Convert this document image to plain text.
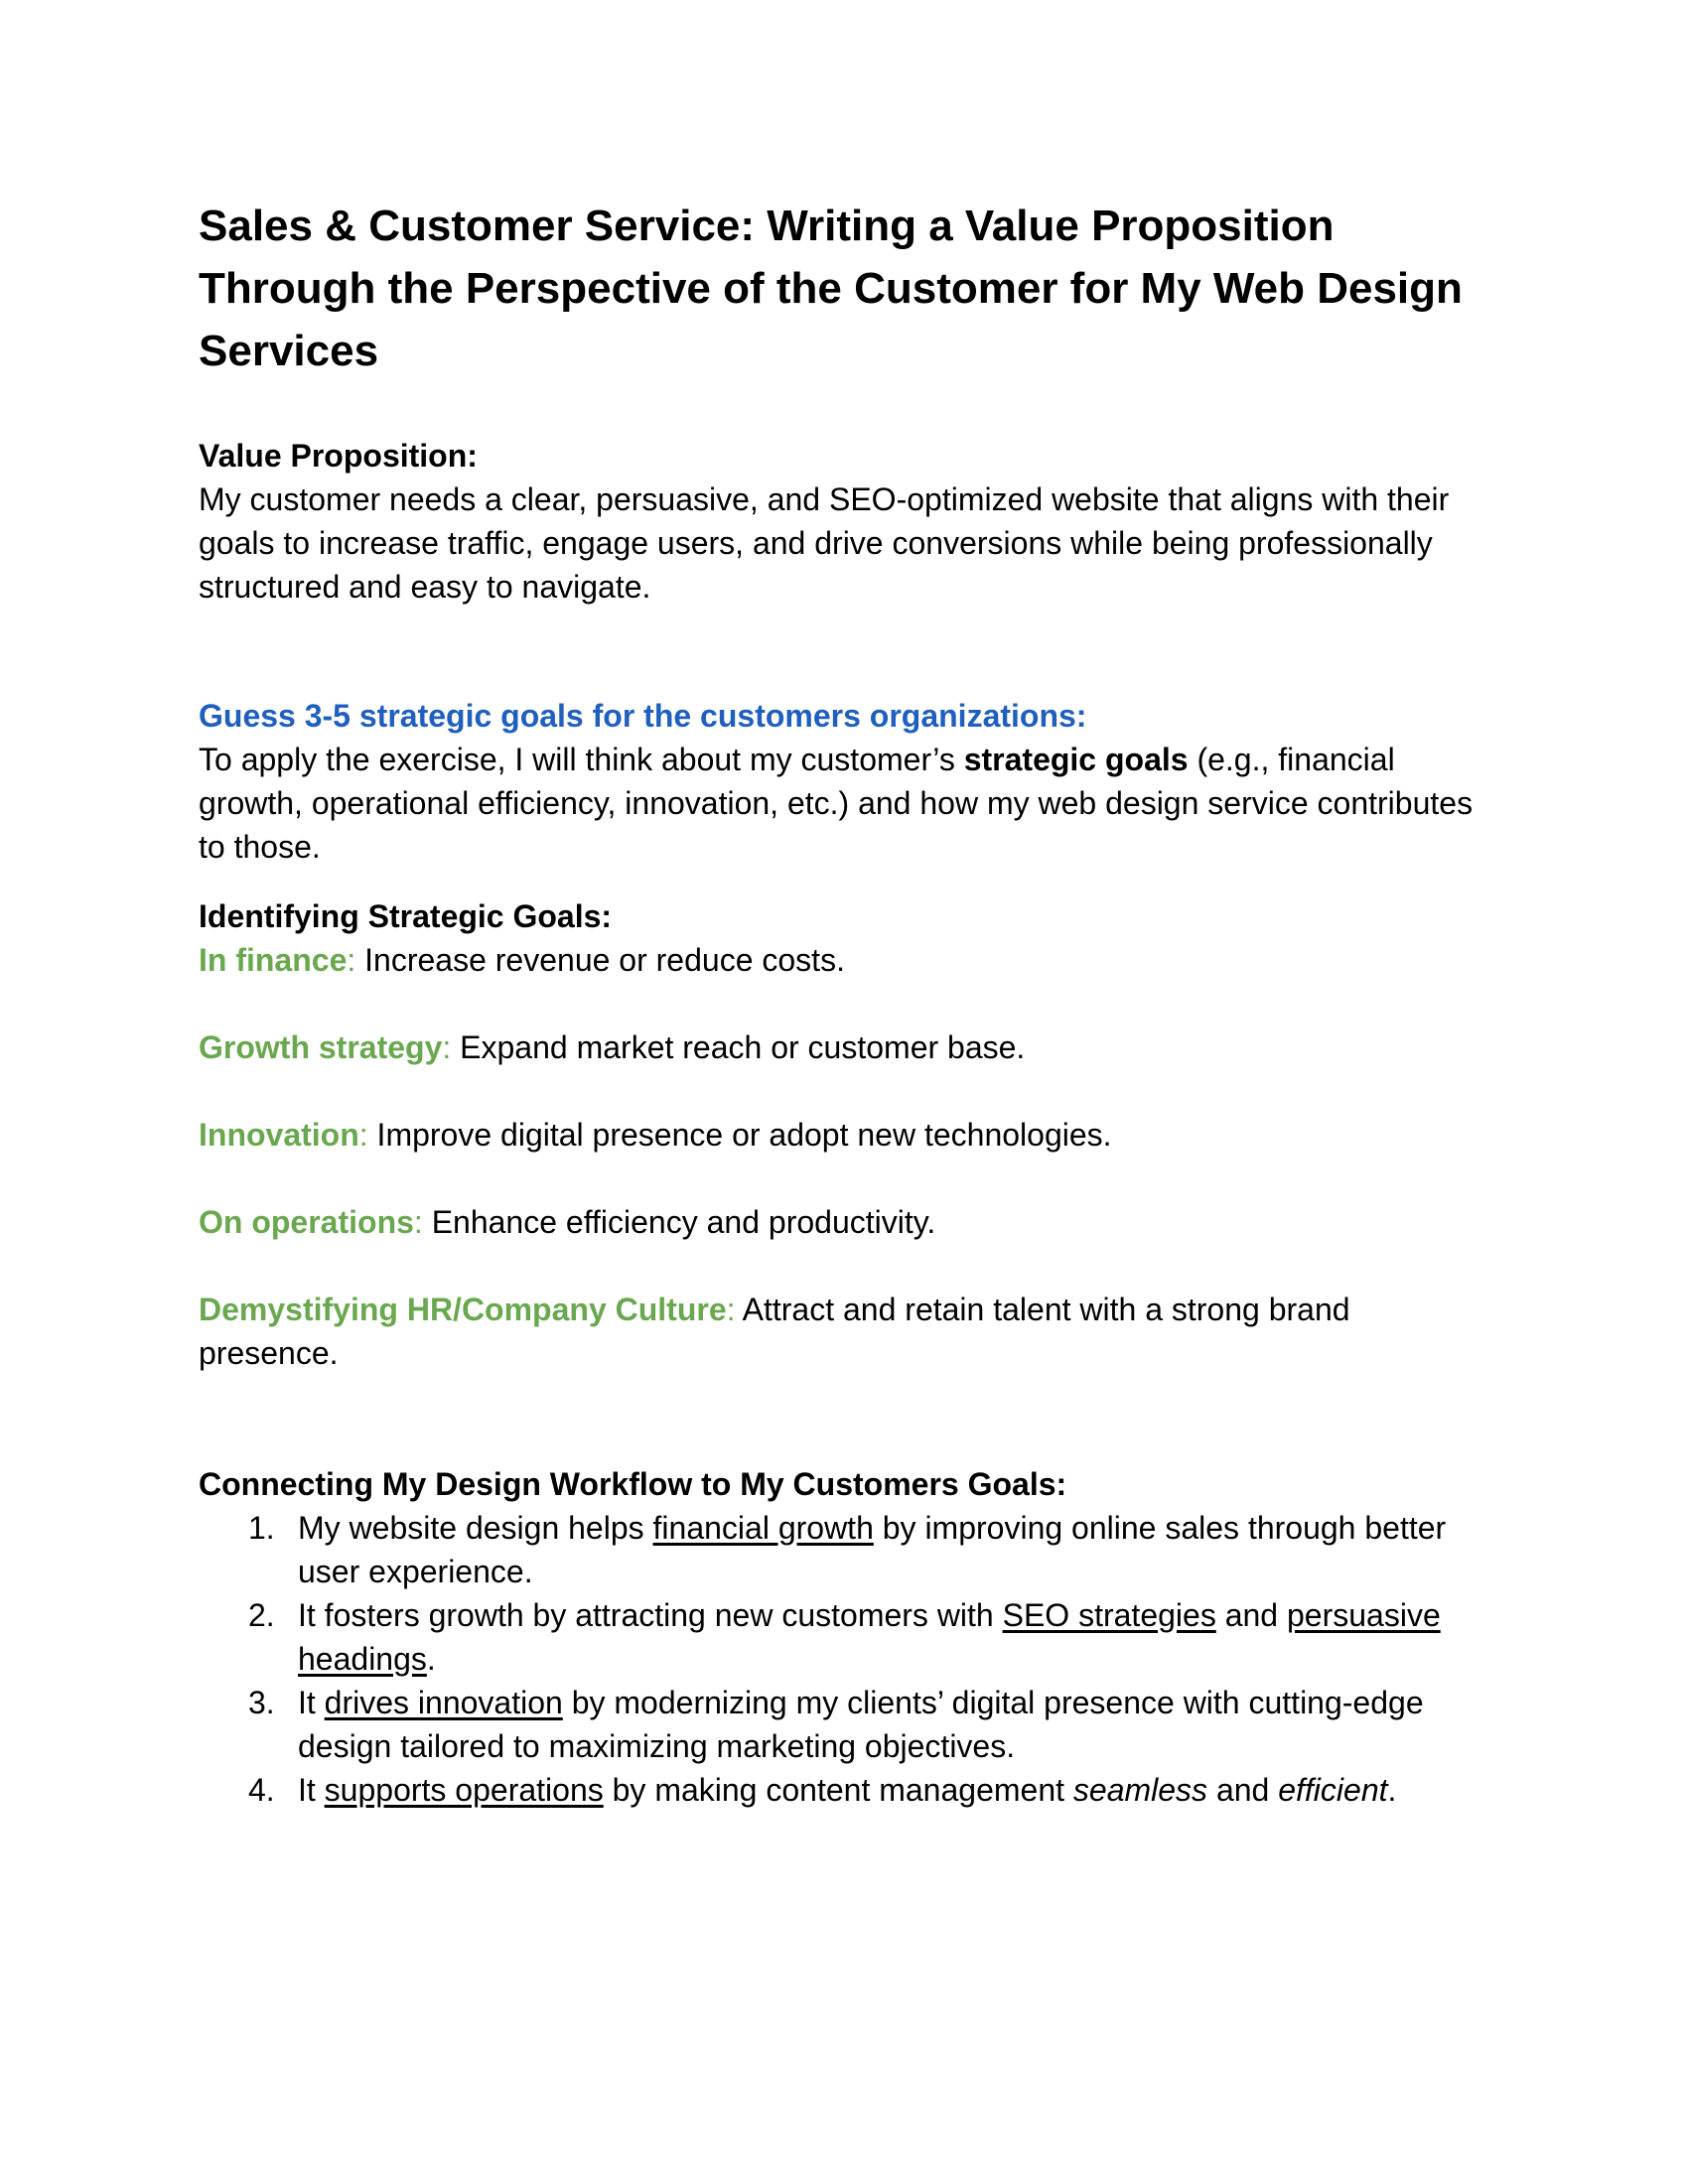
Sales & Customer Service: Writing a Value Proposition Through the Perspective of the Customer for My Web Design Services

Value Proposition:

My customer needs a clear, persuasive, and SEO-optimized website that aligns with their goals to increase traffic, engage users, and drive conversions while being professionally structured and easy to navigate.

Guess 3-5 strategic goals for the customers organizations:

To apply the exercise, I will think about my customer’s strategic goals (e.g., financial growth, operational efficiency, innovation, etc.) and how my web design service contributes to those.

Identifying Strategic Goals:

In finance: Increase revenue or reduce costs.

Growth strategy: Expand market reach or customer base.

Innovation: Improve digital presence or adopt new technologies.

On operations: Enhance efficiency and productivity.

Demystifying HR/Company Culture: Attract and retain talent with a strong brand presence.

Connecting My Design Workflow to My Customers Goals:

1. My website design helps financial growth by improving online sales through better user experience.
2. It fosters growth by attracting new customers with SEO strategies and persuasive headings.
3. It drives innovation by modernizing my clients’ digital presence with cutting-edge design tailored to maximizing marketing objectives.
4. It supports operations by making content management seamless and efficient.
